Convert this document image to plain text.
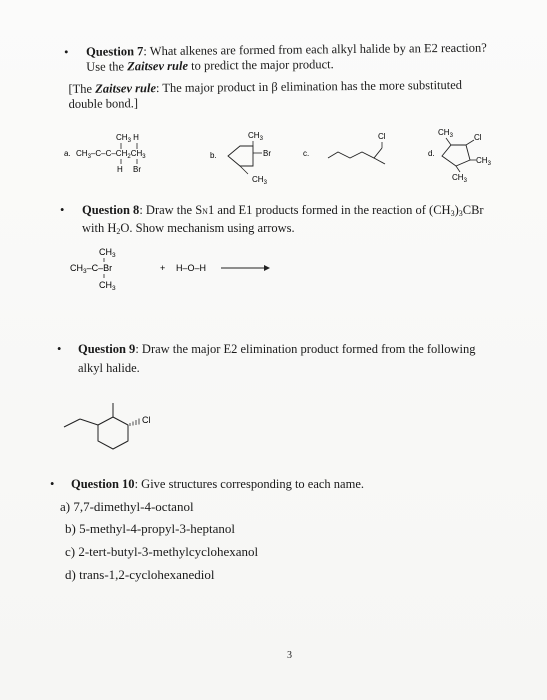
•	Question 7: What alkenes are formed from each alkyl halide by an E2 reaction?
Use the Zaitsev rule to predict the major product.
[The Zaitsev rule: The major product in β elimination has the more substituted
double bond.]
a.
$CH_3$ H
$CH_3-C-C-CH_2CH_3$
H Br
b.
$CH_3$
Br
$CH_3$
c.
Cl
d.
$CH_3$	Cl
$CH_3$
$CH_3$
•	Question 8: Draw the SN1 and E1 products formed in the reaction of (CH3)3CBr
with H2O. Show mechanism using arrows.
$CH_3$
$CH_3-C-Br$	+ H–O–H
$CH_3$
•	Question 9: Draw the major E2 elimination product formed from the following
alkyl halide.
Cl
•	Question 10: Give structures corresponding to each name.
a) 7,7-dimethyl-4-octanol
b) 5-methyl-4-propyl-3-heptanol
c) 2-tert-butyl-3-methylcyclohexanol
d) trans-1,2-cyclohexanediol
3
